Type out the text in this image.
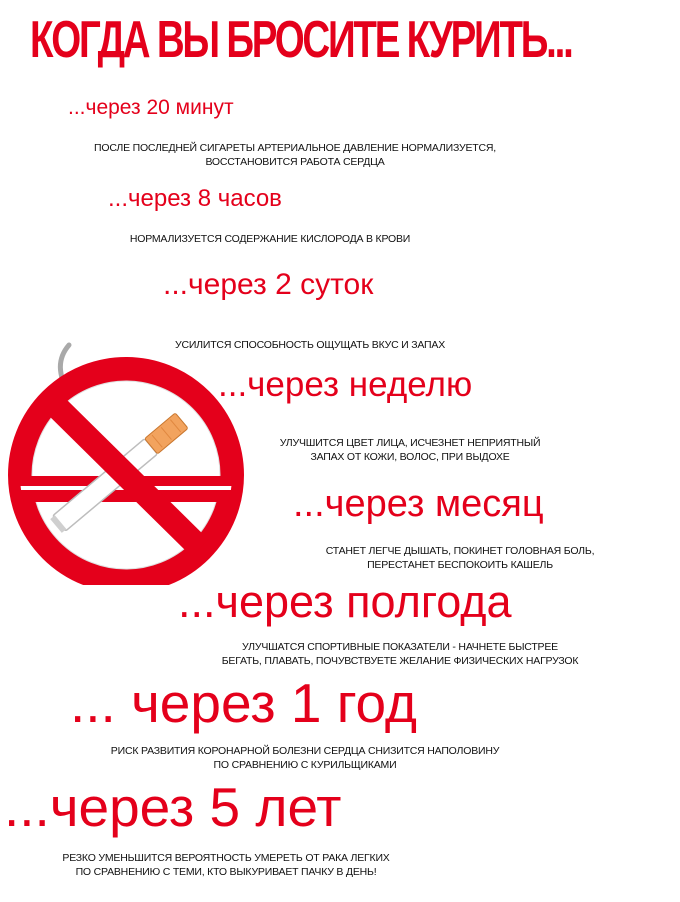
КОГДА ВЫ БРОСИТЕ КУРИТЬ...
...через 20 минут
ПОСЛЕ ПОСЛЕДНЕЙ СИГАРЕТЫ АРТЕРИАЛЬНОЕ ДАВЛЕНИЕ НОРМАЛИЗУЕТСЯ,
ВОССТАНОВИТСЯ РАБОТА СЕРДЦА
...через 8 часов
НОРМАЛИЗУЕТСЯ СОДЕРЖАНИЕ КИСЛОРОДА В КРОВИ
...через 2 суток
УСИЛИТСЯ СПОСОБНОСТЬ ОЩУЩАТЬ ВКУС И ЗАПАХ
...через неделю
УЛУЧШИТСЯ ЦВЕТ ЛИЦА, ИСЧЕЗНЕТ НЕПРИЯТНЫЙ
ЗАПАХ ОТ КОЖИ, ВОЛОС, ПРИ ВЫДОХЕ
...через месяц
СТАНЕТ ЛЕГЧЕ ДЫШАТЬ, ПОКИНЕТ ГОЛОВНАЯ БОЛЬ,
ПЕРЕСТАНЕТ БЕСПОКОИТЬ КАШЕЛЬ
...через полгода
УЛУЧШАТСЯ СПОРТИВНЫЕ ПОКАЗАТЕЛИ - НАЧНЕТЕ БЫСТРЕЕ
БЕГАТЬ, ПЛАВАТЬ, ПОЧУВСТВУЕТЕ ЖЕЛАНИЕ ФИЗИЧЕСКИХ НАГРУЗОК
... через 1 год
РИСК РАЗВИТИЯ КОРОНАРНОЙ БОЛЕЗНИ СЕРДЦА СНИЗИТСЯ НАПОЛОВИНУ
ПО СРАВНЕНИЮ С КУРИЛЬЩИКАМИ
...через 5 лет
РЕЗКО УМЕНЬШИТСЯ ВЕРОЯТНОСТЬ УМЕРЕТЬ ОТ РАКА ЛЕГКИХ
ПО СРАВНЕНИЮ С ТЕМИ, КТО ВЫКУРИВАЕТ ПАЧКУ В ДЕНЬ!
